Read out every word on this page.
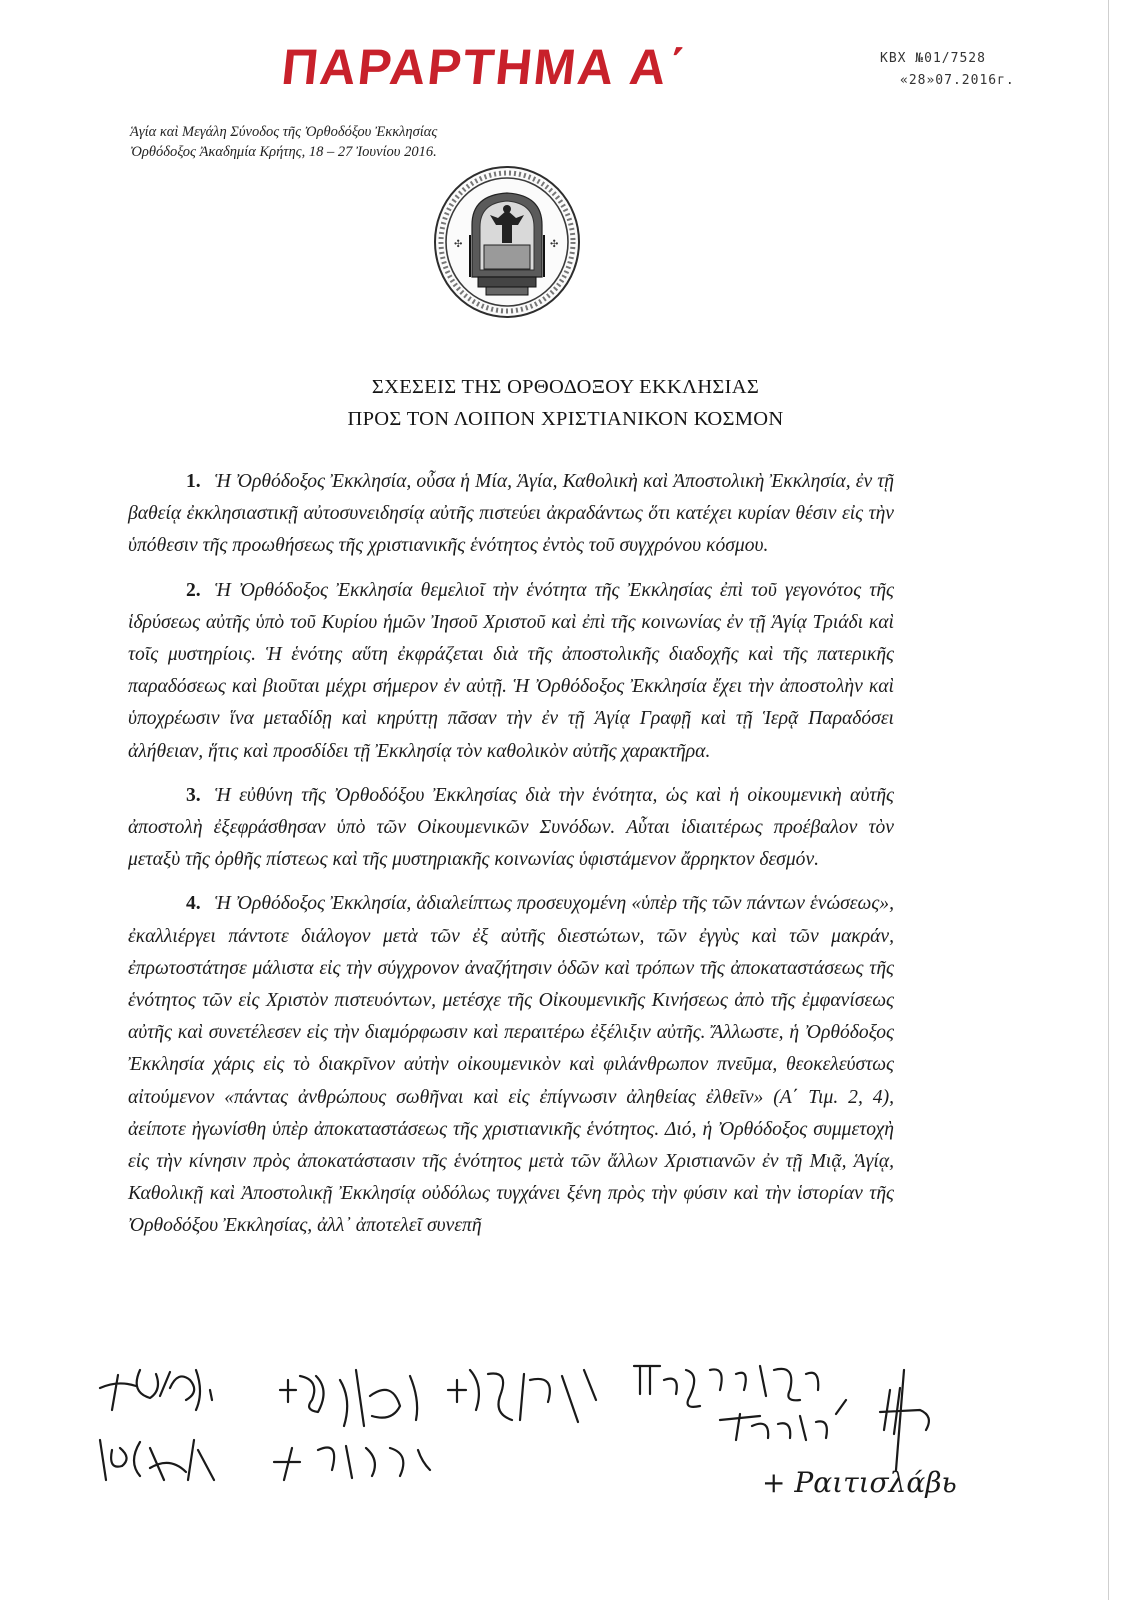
ΠΑΡΑΡΤΗΜΑ Α΄	КВХ №01/7528
«28»07.2016г.
Ἁγία καὶ Μεγάλη Σύνοδος τῆς Ὀρθοδόξου Ἐκκλησίας
Ὀρθόδοξος Ἀκαδημία Κρήτης, 18 – 27 Ἰουνίου 2016.
✣	✣
ΣΧΕΣΕΙΣ ΤΗΣ ΟΡΘΟΔΟΞΟΥ ΕΚΚΛΗΣΙΑΣ
ΠΡΟΣ ΤΟΝ ΛΟΙΠΟΝ ΧΡΙΣΤΙΑΝΙΚΟΝ ΚΟΣΜΟΝ

1. Ἡ Ὀρθόδοξος Ἐκκλησία, οὖσα ἡ Μία, Ἁγία, Καθολικὴ καὶ Ἀποστολικὴ Ἐκκλησία, ἐν τῇ βαθείᾳ ἐκκλησιαστικῇ αὐτοσυνειδησίᾳ αὐτῆς πιστεύει ἀκραδάντως ὅτι κατέχει κυρίαν θέσιν εἰς τὴν ὑπόθεσιν τῆς προωθήσεως τῆς χριστιανικῆς ἑνότητος ἐντὸς τοῦ συγχρόνου κόσμου.

2. Ἡ Ὀρθόδοξος Ἐκκλησία θεμελιοῖ τὴν ἑνότητα τῆς Ἐκκλησίας ἐπὶ τοῦ γεγονότος τῆς ἱδρύσεως αὐτῆς ὑπὸ τοῦ Κυρίου ἡμῶν Ἰησοῦ Χριστοῦ καὶ ἐπὶ τῆς κοινωνίας ἐν τῇ Ἁγίᾳ Τριάδι καὶ τοῖς μυστηρίοις. Ἡ ἑνότης αὕτη ἐκφράζεται διὰ τῆς ἀποστολικῆς διαδοχῆς καὶ τῆς πατερικῆς παραδόσεως καὶ βιοῦται μέχρι σήμερον ἐν αὐτῇ. Ἡ Ὀρθόδοξος Ἐκκλησία ἔχει τὴν ἀποστολὴν καὶ ὑποχρέωσιν ἵνα μεταδίδῃ καὶ κηρύττῃ πᾶσαν τὴν ἐν τῇ Ἁγίᾳ Γραφῇ καὶ τῇ Ἱερᾷ Παραδόσει ἀλήθειαν, ἥτις καὶ προσδίδει τῇ Ἐκκλησίᾳ τὸν καθολικὸν αὐτῆς χαρακτῆρα.

3. Ἡ εὐθύνη τῆς Ὀρθοδόξου Ἐκκλησίας διὰ τὴν ἑνότητα, ὡς καὶ ἡ οἰκουμενικὴ αὐτῆς ἀποστολὴ ἐξεφράσθησαν ὑπὸ τῶν Οἰκουμενικῶν Συνόδων. Αὗται ἰδιαιτέρως προέβαλον τὸν μεταξὺ τῆς ὀρθῆς πίστεως καὶ τῆς μυστηριακῆς κοινωνίας ὑφιστάμενον ἄρρηκτον δεσμόν.

4. Ἡ Ὀρθόδοξος Ἐκκλησία, ἀδιαλείπτως προσευχομένη «ὑπὲρ τῆς τῶν πάντων ἑνώσεως», ἐκαλλιέργει πάντοτε διάλογον μετὰ τῶν ἐξ αὐτῆς διεστώτων, τῶν ἐγγὺς καὶ τῶν μακράν, ἐπρωτοστάτησε μάλιστα εἰς τὴν σύγχρονον ἀναζήτησιν ὁδῶν καὶ τρόπων τῆς ἀποκαταστάσεως τῆς ἑνότητος τῶν εἰς Χριστὸν πιστευόντων, μετέσχε τῆς Οἰκουμενικῆς Κινήσεως ἀπὸ τῆς ἐμφανίσεως αὐτῆς καὶ συνετέλεσεν εἰς τὴν διαμόρφωσιν καὶ περαιτέρω ἐξέλιξιν αὐτῆς. Ἄλλωστε, ἡ Ὀρθόδοξος Ἐκκλησία χάρις εἰς τὸ διακρῖνον αὐτὴν οἰκουμενικὸν καὶ φιλάνθρωπον πνεῦμα, θεοκελεύστως αἰτούμενον «πάντας ἀνθρώπους σωθῆναι καὶ εἰς ἐπίγνωσιν ἀληθείας ἐλθεῖν» (Α΄ Τιμ. 2, 4), ἀείποτε ἠγωνίσθη ὑπὲρ ἀποκαταστάσεως τῆς χριστιανικῆς ἑνότητος. Διό, ἡ Ὀρθόδοξος συμμετοχὴ εἰς τὴν κίνησιν πρὸς ἀποκατάστασιν τῆς ἑνότητος μετὰ τῶν ἄλλων Χριστιανῶν ἐν τῇ Μιᾷ, Ἁγίᾳ, Καθολικῇ καὶ Ἀποστολικῇ Ἐκκλησίᾳ οὐδόλως τυγχάνει ξένη πρὸς τὴν φύσιν καὶ τὴν ἱστορίαν τῆς Ὀρθοδόξου Ἐκκλησίας, ἀλλ᾽ ἀποτελεῖ συνεπῆ

+ Ραιτισλάβь
